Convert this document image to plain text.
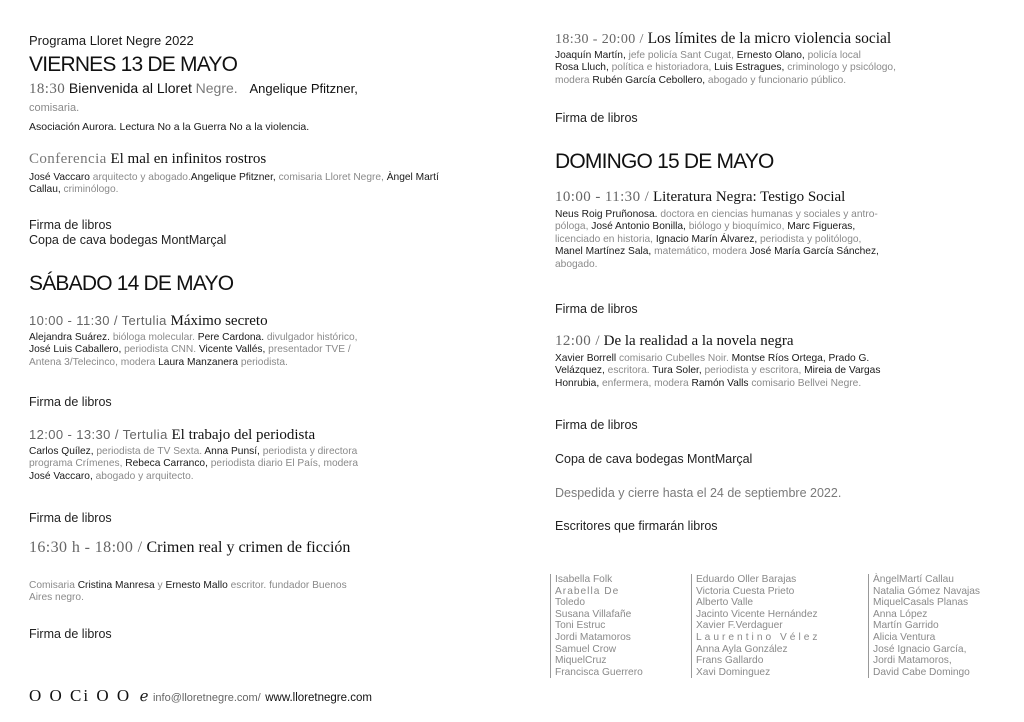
Programa Lloret Negre 2022
VIERNES 13 DE MAYO
18:30 Bienvenida al Lloret Negre. Angelique Pfitzner,
comisaria.
Asociación Aurora. Lectura No a la Guerra No a la violencia.
Conferencia El mal en infinitos rostros
José Vaccaro arquitecto y abogado.Angelique Pfitzner, comisaria Lloret Negre, Àngel Martí Callau, criminólogo.
Firma de libros
Copa de cava bodegas MontMarçal
SÁBADO 14 DE MAYO
10:00 - 11:30 / Tertulia Máximo secreto
Alejandra Suárez. bióloga molecular. Pere Cardona. divulgador histórico,
José Luis Caballero, periodista CNN. Vicente Vallés, presentador TVE /
Antena 3/Telecinco, modera Laura Manzanera periodista.
Firma de libros
12:00 - 13:30 / Tertulia El trabajo del periodista
Carlos Quílez, periodista de TV Sexta. Anna Punsí, periodista y directora
programa Crímenes, Rebeca Carranco, periodista diario El País, modera
José Vaccaro, abogado y arquitecto.
Firma de libros
16:30 h - 18:00 / Crimen real y crimen de ficción
Comisaria Cristina Manresa y Ernesto Mallo escritor. fundador Buenos
Aires negro.
Firma de libros
O O Ci O O ℯ info@lloretnegre.com/ www.lloretnegre.com
18:30 - 20:00 / Los límites de la micro violencia social
Joaquín Martín, jefe policía Sant Cugat, Ernesto Olano, policía local
Rosa Lluch, política e historiadora, Luis Estragues, criminologo y psicólogo,
modera Rubén García Cebollero, abogado y funcionario público.
Firma de libros
DOMINGO 15 DE MAYO
10:00 - 11:30 / Literatura Negra: Testigo Social
Neus Roig Pruñonosa. doctora en ciencias humanas y sociales y antro-
póloga, José Antonio Bonilla, biólogo y bioquímico, Marc Figueras,
licenciado en historia, Ignacio Marín Álvarez, periodista y politólogo,
Manel Martínez Sala, matemático, modera José María García Sánchez,
abogado.
Firma de libros
12:00 / De la realidad a la novela negra
Xavier Borrell comisario Cubelles Noir. Montse Ríos Ortega, Prado G.
Velázquez, escritora. Tura Soler, periodista y escritora, Mireia de Vargas
Honrubia, enfermera, modera Ramón Valls comisario Bellvei Negre.
Firma de libros
Copa de cava bodegas MontMarçal
Despedida y cierre hasta el 24 de septiembre 2022.
Escritores que firmarán libros
Isabella Folk
Arabella De
Toledo
Susana Villafañe
Toni Estruc
Jordi Matamoros
Samuel Crow
MiquelCruz
Francisca Guerrero
Eduardo Oller Barajas
Victoria Cuesta Prieto
Alberto Valle
Jacinto Vicente Hernández
Xavier F.Verdaguer
Laurentino Vélez
Anna Ayla González
Frans Gallardo
Xavi Dominguez
ÀngelMartí Callau
Natalia Gómez Navajas
MiquelCasals Planas
Anna López
Martín Garrido
Alicia Ventura
José Ignacio García,
Jordi Matamoros,
David Cabe Domingo
